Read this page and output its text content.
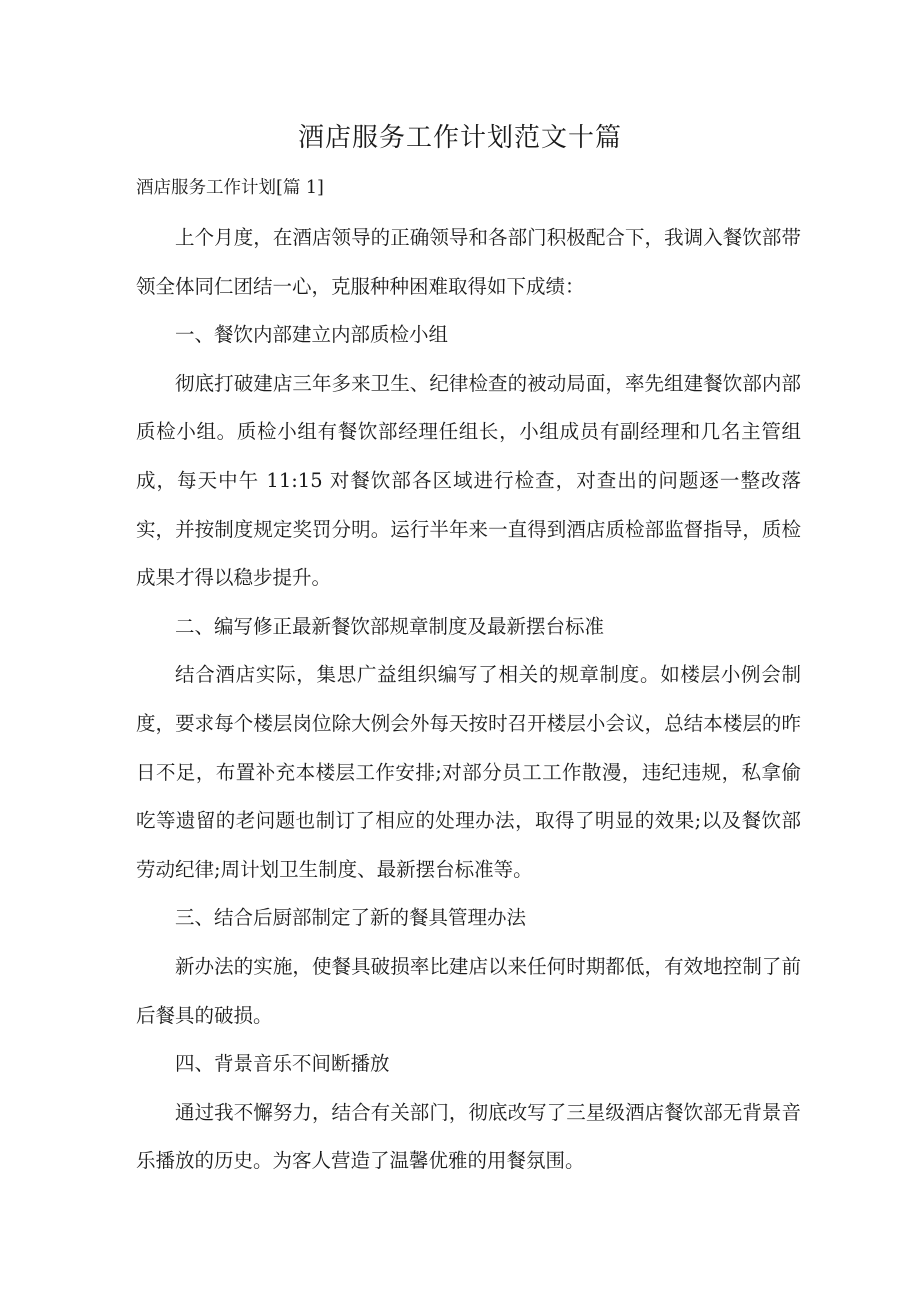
酒店服务工作计划范文十篇
酒店服务工作计划[篇 1]

上个月度，在酒店领导的正确领导和各部门积极配合下，我调入餐饮部带领全体同仁团结一心，克服种种困难取得如下成绩：

一、餐饮内部建立内部质检小组

彻底打破建店三年多来卫生、纪律检查的被动局面，率先组建餐饮部内部质检小组。质检小组有餐饮部经理任组长，小组成员有副经理和几名主管组成，每天中午 11:15 对餐饮部各区域进行检查，对查出的问题逐一整改落实，并按制度规定奖罚分明。运行半年来一直得到酒店质检部监督指导，质检成果才得以稳步提升。

二、编写修正最新餐饮部规章制度及最新摆台标准

结合酒店实际，集思广益组织编写了相关的规章制度。如楼层小例会制度，要求每个楼层岗位除大例会外每天按时召开楼层小会议，总结本楼层的昨日不足，布置补充本楼层工作安排;对部分员工工作散漫，违纪违规，私拿偷吃等遗留的老问题也制订了相应的处理办法，取得了明显的效果;以及餐饮部劳动纪律;周计划卫生制度、最新摆台标准等。

三、结合后厨部制定了新的餐具管理办法

新办法的实施，使餐具破损率比建店以来任何时期都低，有效地控制了前后餐具的破损。

四、背景音乐不间断播放

通过我不懈努力，结合有关部门，彻底改写了三星级酒店餐饮部无背景音乐播放的历史。为客人营造了温馨优雅的用餐氛围。
